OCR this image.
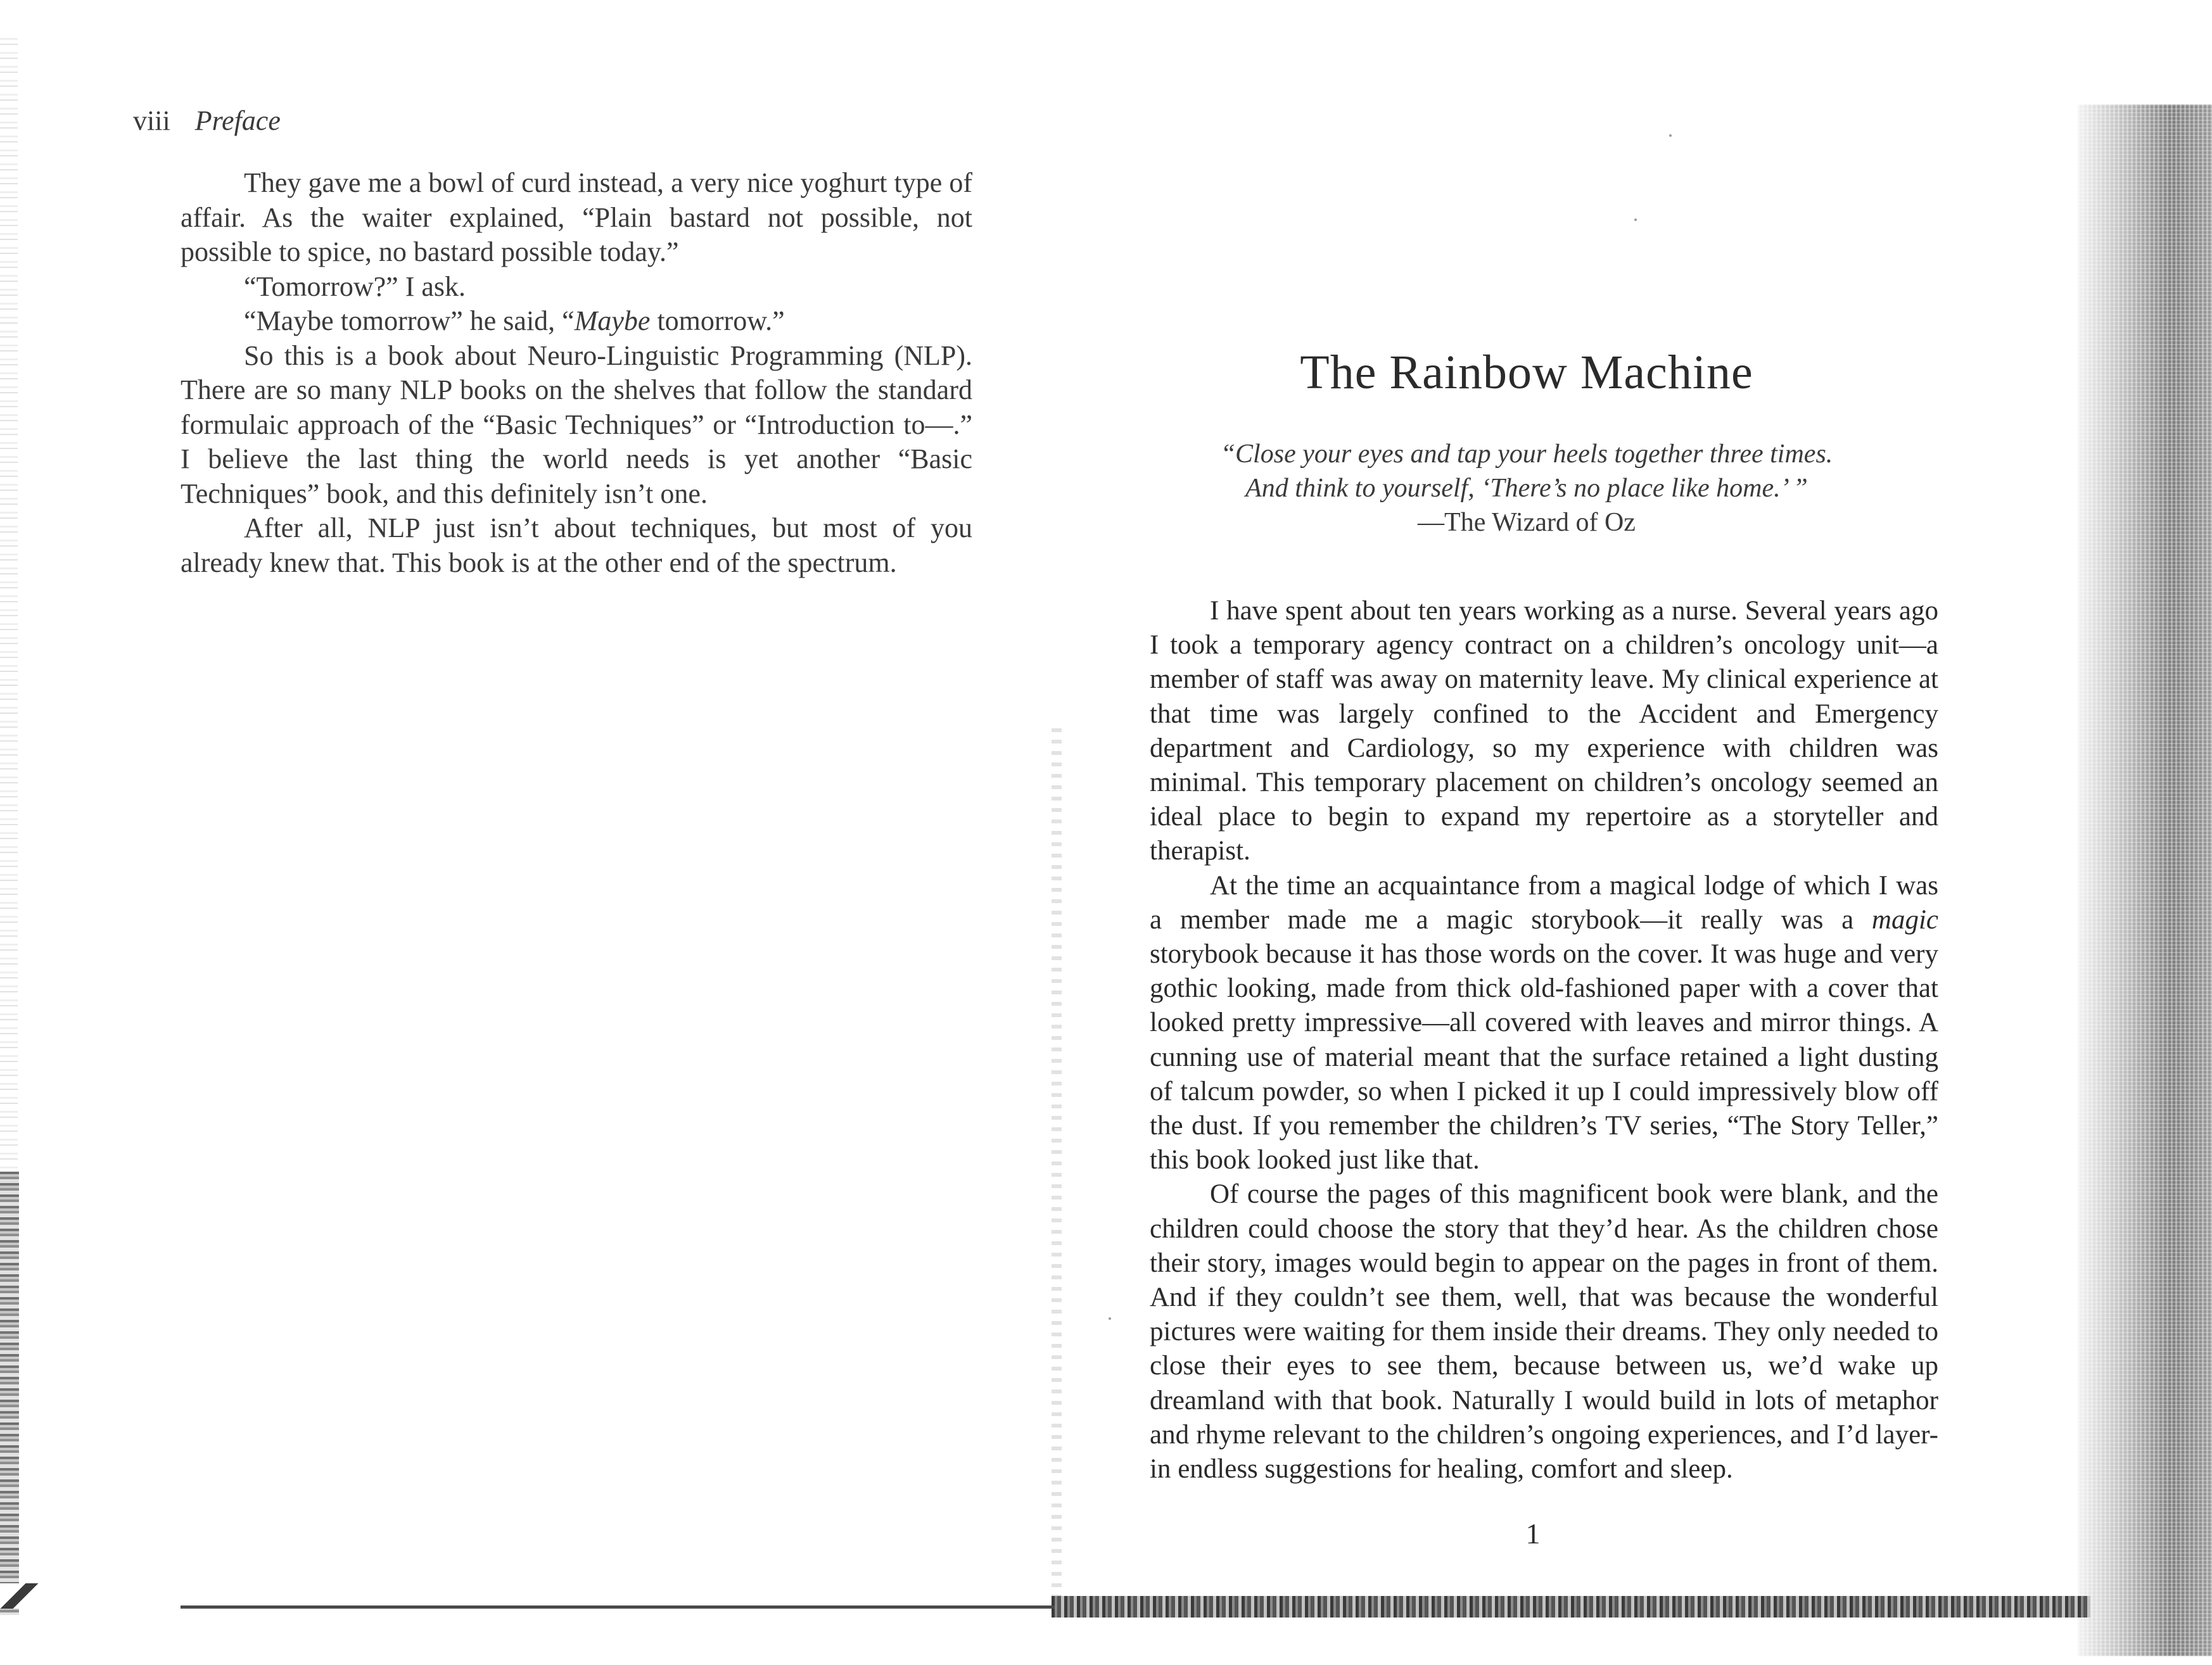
viii Preface

They gave me a bowl of curd instead, a very nice yoghurt type of affair. As the waiter explained, “Plain bastard not possible, not possible to spice, no bastard possible today.”

“Tomorrow?” I ask.

“Maybe tomorrow” he said, “Maybe tomorrow.”

So this is a book about Neuro-Linguistic Programming (NLP). There are so many NLP books on the shelves that follow the standard formulaic approach of the “Basic Techniques” or “Introduction to—.” I believe the last thing the world needs is yet another “Basic Techniques” book, and this definitely isn’t one.

After all, NLP just isn’t about techniques, but most of you already knew that. This book is at the other end of the spectrum.

The Rainbow Machine
“Close your eyes and tap your heels together three times.
And think to yourself, ‘There’s no place like home.’ ”
—The Wizard of Oz

I have spent about ten years working as a nurse. Several years ago I took a temporary agency contract on a children’s oncology unit—a member of staff was away on maternity leave. My clinical experience at that time was largely confined to the Accident and Emergency department and Cardiology, so my experience with children was minimal. This temporary placement on children’s oncology seemed an ideal place to begin to expand my repertoire as a storyteller and therapist.

At the time an acquaintance from a magical lodge of which I was a member made me a magic storybook—it really was a magic storybook because it has those words on the cover. It was huge and very gothic looking, made from thick old-fashioned paper with a cover that looked pretty impressive—all covered with leaves and mirror things. A cunning use of material meant that the surface retained a light dusting of talcum powder, so when I picked it up I could impressively blow off the dust. If you remember the children’s TV series, “The Story Teller,” this book looked just like that.

Of course the pages of this magnificent book were blank, and the children could choose the story that they’d hear. As the children chose their story, images would begin to appear on the pages in front of them. And if they couldn’t see them, well, that was because the wonderful pictures were waiting for them inside their dreams. They only needed to close their eyes to see them, because between us, we’d wake up dreamland with that book. Naturally I would build in lots of metaphor and rhyme relevant to the children’s ongoing experiences, and I’d layer-in endless suggestions for healing, comfort and sleep.

1
